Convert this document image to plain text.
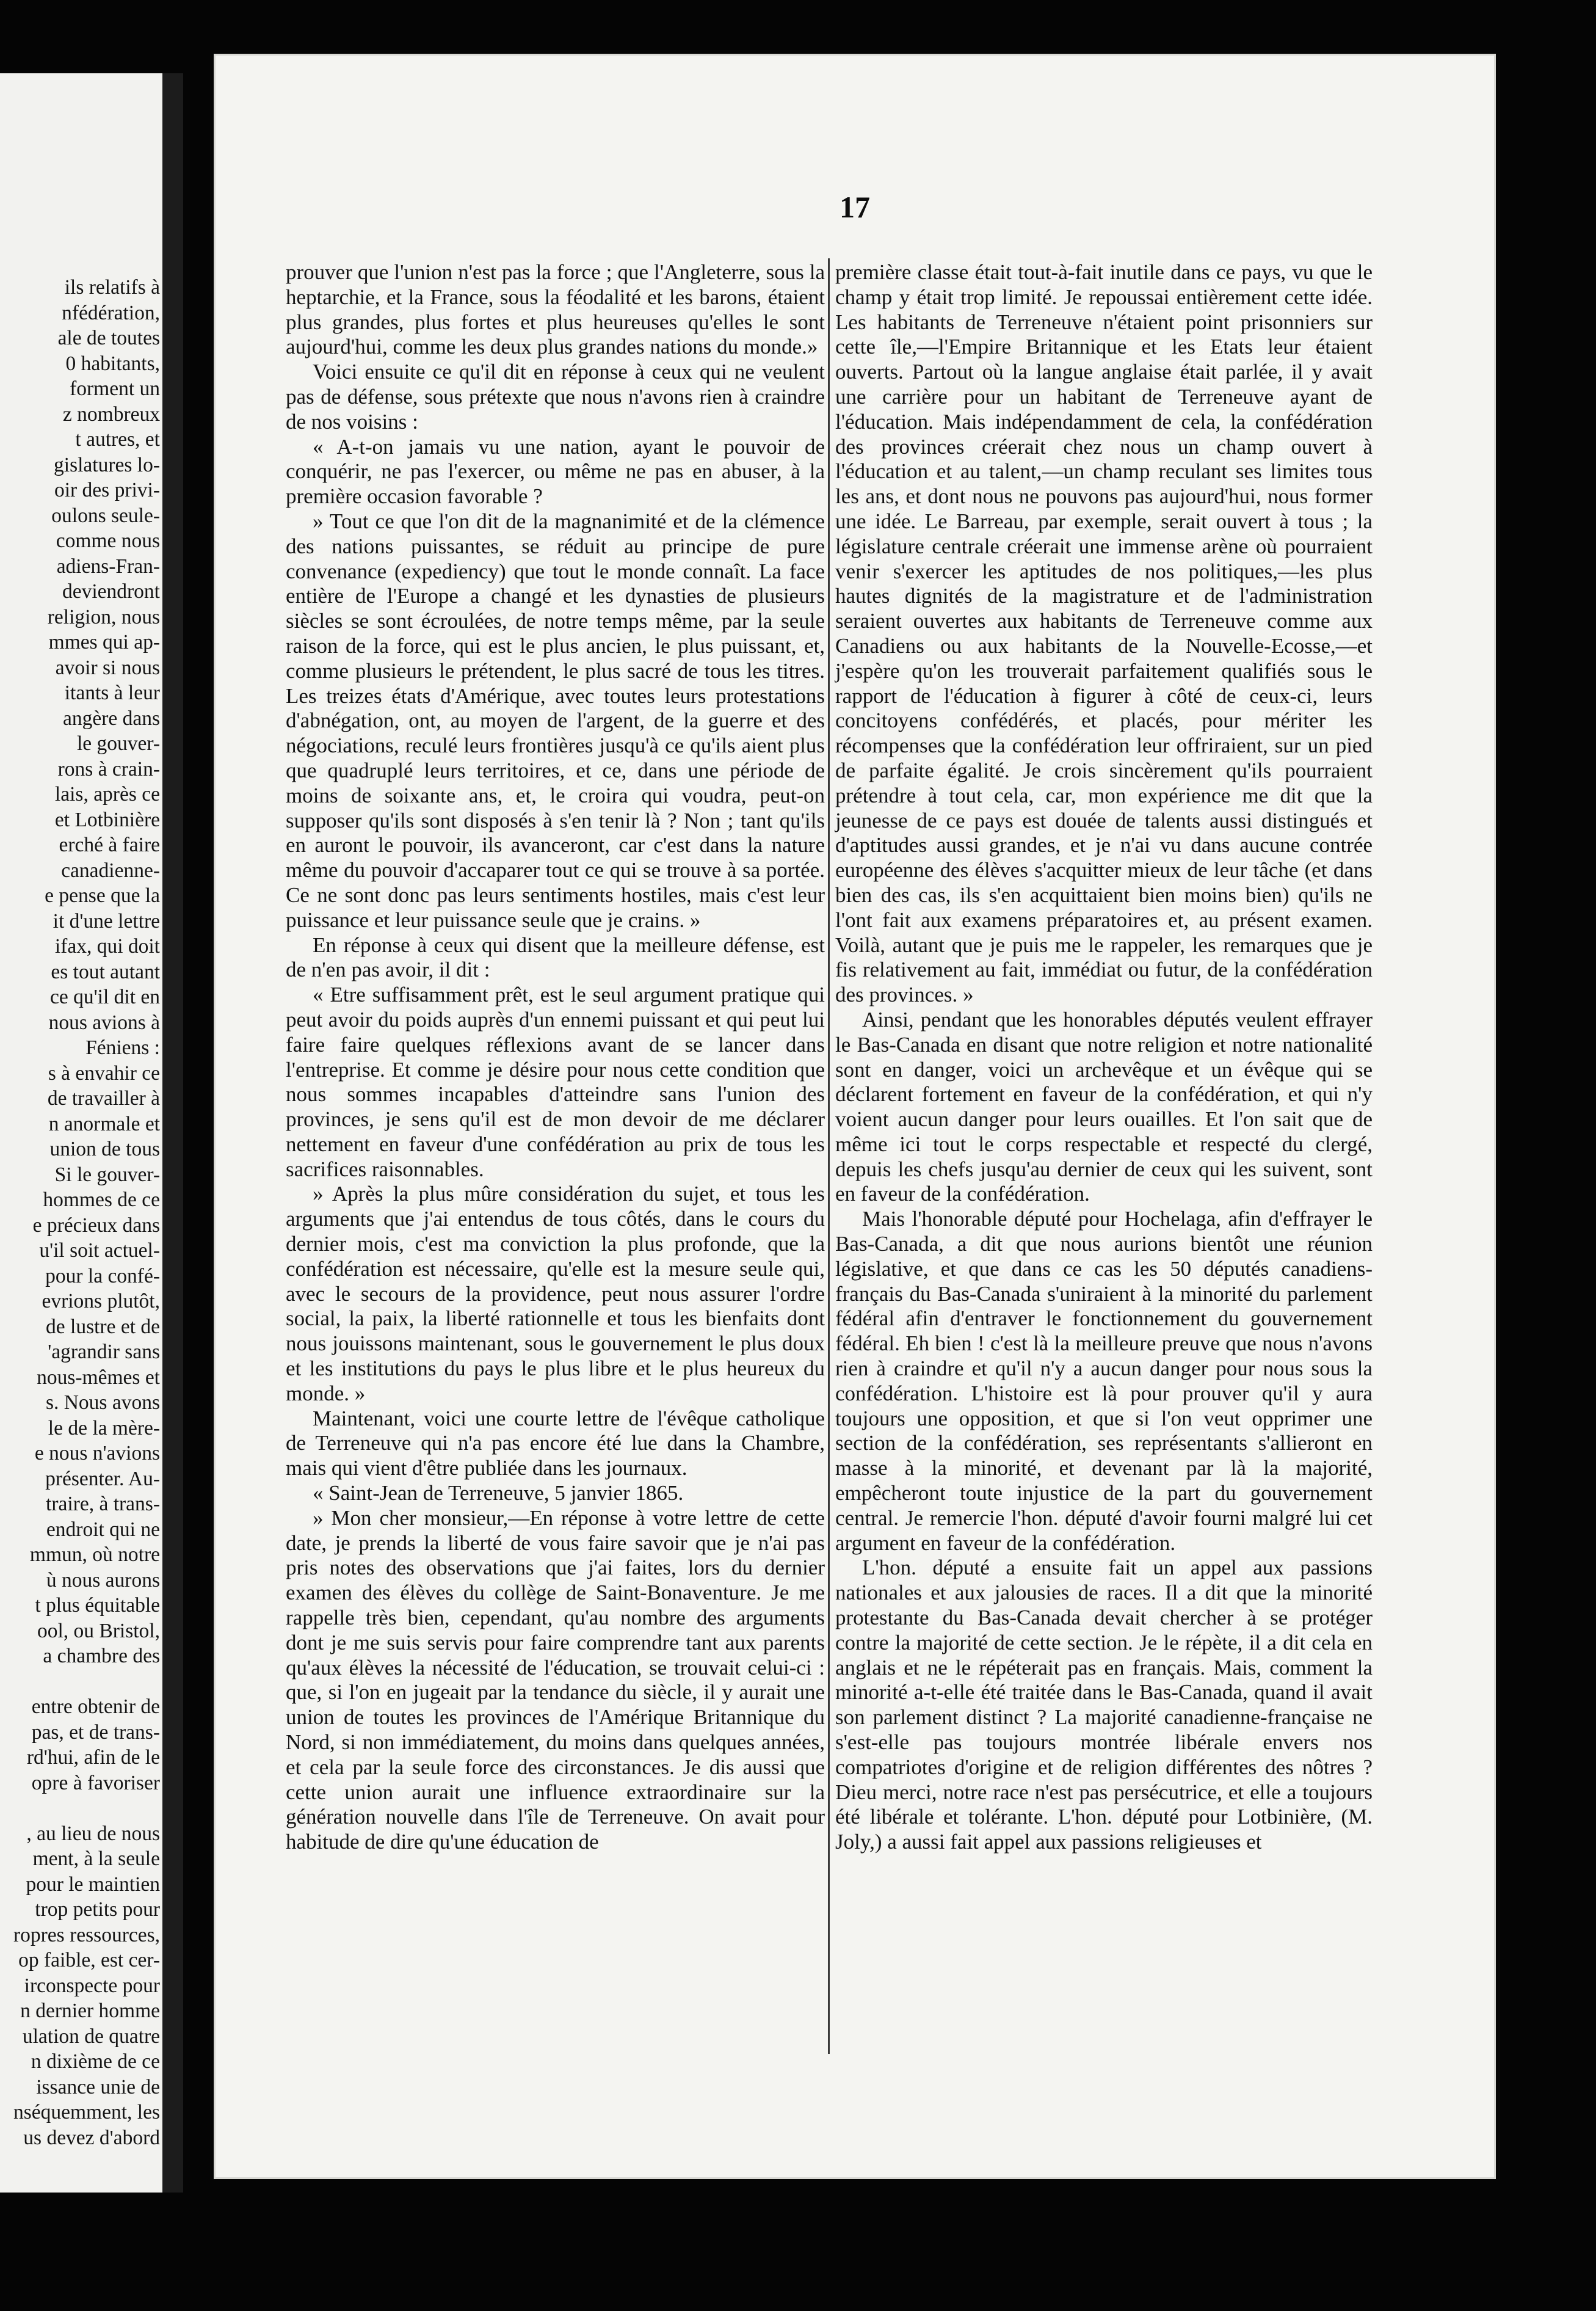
ils relatifs à
nfédération,
ale de toutes
0 habitants,
forment un
z nombreux
t autres, et
gislatures lo-
oir des privi-
oulons seule-
comme nous
adiens-Fran-
deviendront
religion, nous
mmes qui ap-
avoir si nous
itants à leur
angère dans
le gouver-
rons à crain-
lais, après ce
et Lotbinière
erché à faire
canadienne-
e pense que la
it d'une lettre
ifax, qui doit
es tout autant
ce qu'il dit en
nous avions à
Féniens :
s à envahir ce
de travailler à
n anormale et
union de tous
Si le gouver-
hommes de ce
e précieux dans
u'il soit actuel-
pour la confé-
evrions plutôt,
de lustre et de
'agrandir sans
nous-mêmes et
s. Nous avons
le de la mère-
e nous n'avions
présenter. Au-
traire, à trans-
endroit qui ne
mmun, où notre
ù nous aurons
t plus équitable
ool, ou Bristol,
a chambre des

entre obtenir de
pas, et de trans-
rd'hui, afin de le
opre à favoriser

, au lieu de nous
ment, à la seule
pour le maintien
trop petits pour
ropres ressources,
op faible, est cer-
irconspecte pour
n dernier homme
ulation de quatre
n dixième de ce
issance unie de
nséquemment, les
us devez d'abord
17

prouver que l'union n'est pas la force ; que l'Angleterre, sous la heptarchie, et la France, sous la féodalité et les barons, étaient plus grandes, plus fortes et plus heureuses qu'elles le sont aujourd'hui, comme les deux plus grandes nations du monde.»

Voici ensuite ce qu'il dit en réponse à ceux qui ne veulent pas de défense, sous prétexte que nous n'avons rien à craindre de nos voisins :

« A-t-on jamais vu une nation, ayant le pouvoir de conquérir, ne pas l'exercer, ou même ne pas en abuser, à la première occasion favorable ?

» Tout ce que l'on dit de la magnanimité et de la clémence des nations puissantes, se réduit au principe de pure convenance (expediency) que tout le monde connaît. La face entière de l'Europe a changé et les dynasties de plusieurs siècles se sont écroulées, de notre temps même, par la seule raison de la force, qui est le plus ancien, le plus puissant, et, comme plusieurs le prétendent, le plus sacré de tous les titres. Les treizes états d'Amérique, avec toutes leurs protestations d'abnégation, ont, au moyen de l'argent, de la guerre et des négociations, reculé leurs frontières jusqu'à ce qu'ils aient plus que quadruplé leurs territoires, et ce, dans une période de moins de soixante ans, et, le croira qui voudra, peut-on supposer qu'ils sont disposés à s'en tenir là ? Non ; tant qu'ils en auront le pouvoir, ils avanceront, car c'est dans la nature même du pouvoir d'accaparer tout ce qui se trouve à sa portée. Ce ne sont donc pas leurs sentiments hostiles, mais c'est leur puissance et leur puissance seule que je crains. »

En réponse à ceux qui disent que la meilleure défense, est de n'en pas avoir, il dit :

« Etre suffisamment prêt, est le seul argument pratique qui peut avoir du poids auprès d'un ennemi puissant et qui peut lui faire faire quelques réflexions avant de se lancer dans l'entreprise. Et comme je désire pour nous cette condition que nous sommes incapables d'atteindre sans l'union des provinces, je sens qu'il est de mon devoir de me déclarer nettement en faveur d'une confédération au prix de tous les sacrifices raisonnables.

» Après la plus mûre considération du sujet, et tous les arguments que j'ai entendus de tous côtés, dans le cours du dernier mois, c'est ma conviction la plus profonde, que la confédération est nécessaire, qu'elle est la mesure seule qui, avec le secours de la providence, peut nous assurer l'ordre social, la paix, la liberté rationnelle et tous les bienfaits dont nous jouissons maintenant, sous le gouvernement le plus doux et les institutions du pays le plus libre et le plus heureux du monde. »

Maintenant, voici une courte lettre de l'évêque catholique de Terreneuve qui n'a pas encore été lue dans la Chambre, mais qui vient d'être publiée dans les journaux.

« Saint-Jean de Terreneuve, 5 janvier 1865.

» Mon cher monsieur,—En réponse à votre lettre de cette date, je prends la liberté de vous faire savoir que je n'ai pas pris notes des observations que j'ai faites, lors du dernier examen des élèves du collège de Saint-Bonaventure. Je me rappelle très bien, cependant, qu'au nombre des arguments dont je me suis servis pour faire comprendre tant aux parents qu'aux élèves la nécessité de l'éducation, se trouvait celui-ci : que, si l'on en jugeait par la tendance du siècle, il y aurait une union de toutes les provinces de l'Amérique Britannique du Nord, si non immédiatement, du moins dans quelques années, et cela par la seule force des circonstances. Je dis aussi que cette union aurait une influence extraordinaire sur la génération nouvelle dans l'île de Terreneuve. On avait pour habitude de dire qu'une éducation de

première classe était tout-à-fait inutile dans ce pays, vu que le champ y était trop limité. Je repoussai entièrement cette idée. Les habitants de Terreneuve n'étaient point prisonniers sur cette île,—l'Empire Britannique et les Etats leur étaient ouverts. Partout où la langue anglaise était parlée, il y avait une carrière pour un habitant de Terreneuve ayant de l'éducation. Mais indépendamment de cela, la confédération des provinces créerait chez nous un champ ouvert à l'éducation et au talent,—un champ reculant ses limites tous les ans, et dont nous ne pouvons pas aujourd'hui, nous former une idée. Le Barreau, par exemple, serait ouvert à tous ; la législature centrale créerait une immense arène où pourraient venir s'exercer les aptitudes de nos politiques,—les plus hautes dignités de la magistrature et de l'administration seraient ouvertes aux habitants de Terreneuve comme aux Canadiens ou aux habitants de la Nouvelle-Ecosse,—et j'espère qu'on les trouverait parfaitement qualifiés sous le rapport de l'éducation à figurer à côté de ceux-ci, leurs concitoyens confédérés, et placés, pour mériter les récompenses que la confédération leur offriraient, sur un pied de parfaite égalité. Je crois sincèrement qu'ils pourraient prétendre à tout cela, car, mon expérience me dit que la jeunesse de ce pays est douée de talents aussi distingués et d'aptitudes aussi grandes, et je n'ai vu dans aucune contrée européenne des élèves s'acquitter mieux de leur tâche (et dans bien des cas, ils s'en acquittaient bien moins bien) qu'ils ne l'ont fait aux examens préparatoires et, au présent examen. Voilà, autant que je puis me le rappeler, les remarques que je fis relativement au fait, immédiat ou futur, de la confédération des provinces. »

Ainsi, pendant que les honorables députés veulent effrayer le Bas-Canada en disant que notre religion et notre nationalité sont en danger, voici un archevêque et un évêque qui se déclarent fortement en faveur de la confédération, et qui n'y voient aucun danger pour leurs ouailles. Et l'on sait que de même ici tout le corps respectable et respecté du clergé, depuis les chefs jusqu'au dernier de ceux qui les suivent, sont en faveur de la confédération.

Mais l'honorable député pour Hochelaga, afin d'effrayer le Bas-Canada, a dit que nous aurions bientôt une réunion législative, et que dans ce cas les 50 députés canadiens-français du Bas-Canada s'uniraient à la minorité du parlement fédéral afin d'entraver le fonctionnement du gouvernement fédéral. Eh bien ! c'est là la meilleure preuve que nous n'avons rien à craindre et qu'il n'y a aucun danger pour nous sous la confédération. L'histoire est là pour prouver qu'il y aura toujours une opposition, et que si l'on veut opprimer une section de la confédération, ses représentants s'allieront en masse à la minorité, et devenant par là la majorité, empêcheront toute injustice de la part du gouvernement central. Je remercie l'hon. député d'avoir fourni malgré lui cet argument en faveur de la confédération.

L'hon. député a ensuite fait un appel aux passions nationales et aux jalousies de races. Il a dit que la minorité protestante du Bas-Canada devait chercher à se protéger contre la majorité de cette section. Je le répète, il a dit cela en anglais et ne le répéterait pas en français. Mais, comment la minorité a-t-elle été traitée dans le Bas-Canada, quand il avait son parlement distinct ? La majorité canadienne-française ne s'est-elle pas toujours montrée libérale envers nos compatriotes d'origine et de religion différentes des nôtres ? Dieu merci, notre race n'est pas persécutrice, et elle a toujours été libérale et tolérante. L'hon. député pour Lotbinière, (M. Joly,) a aussi fait appel aux passions religieuses et
